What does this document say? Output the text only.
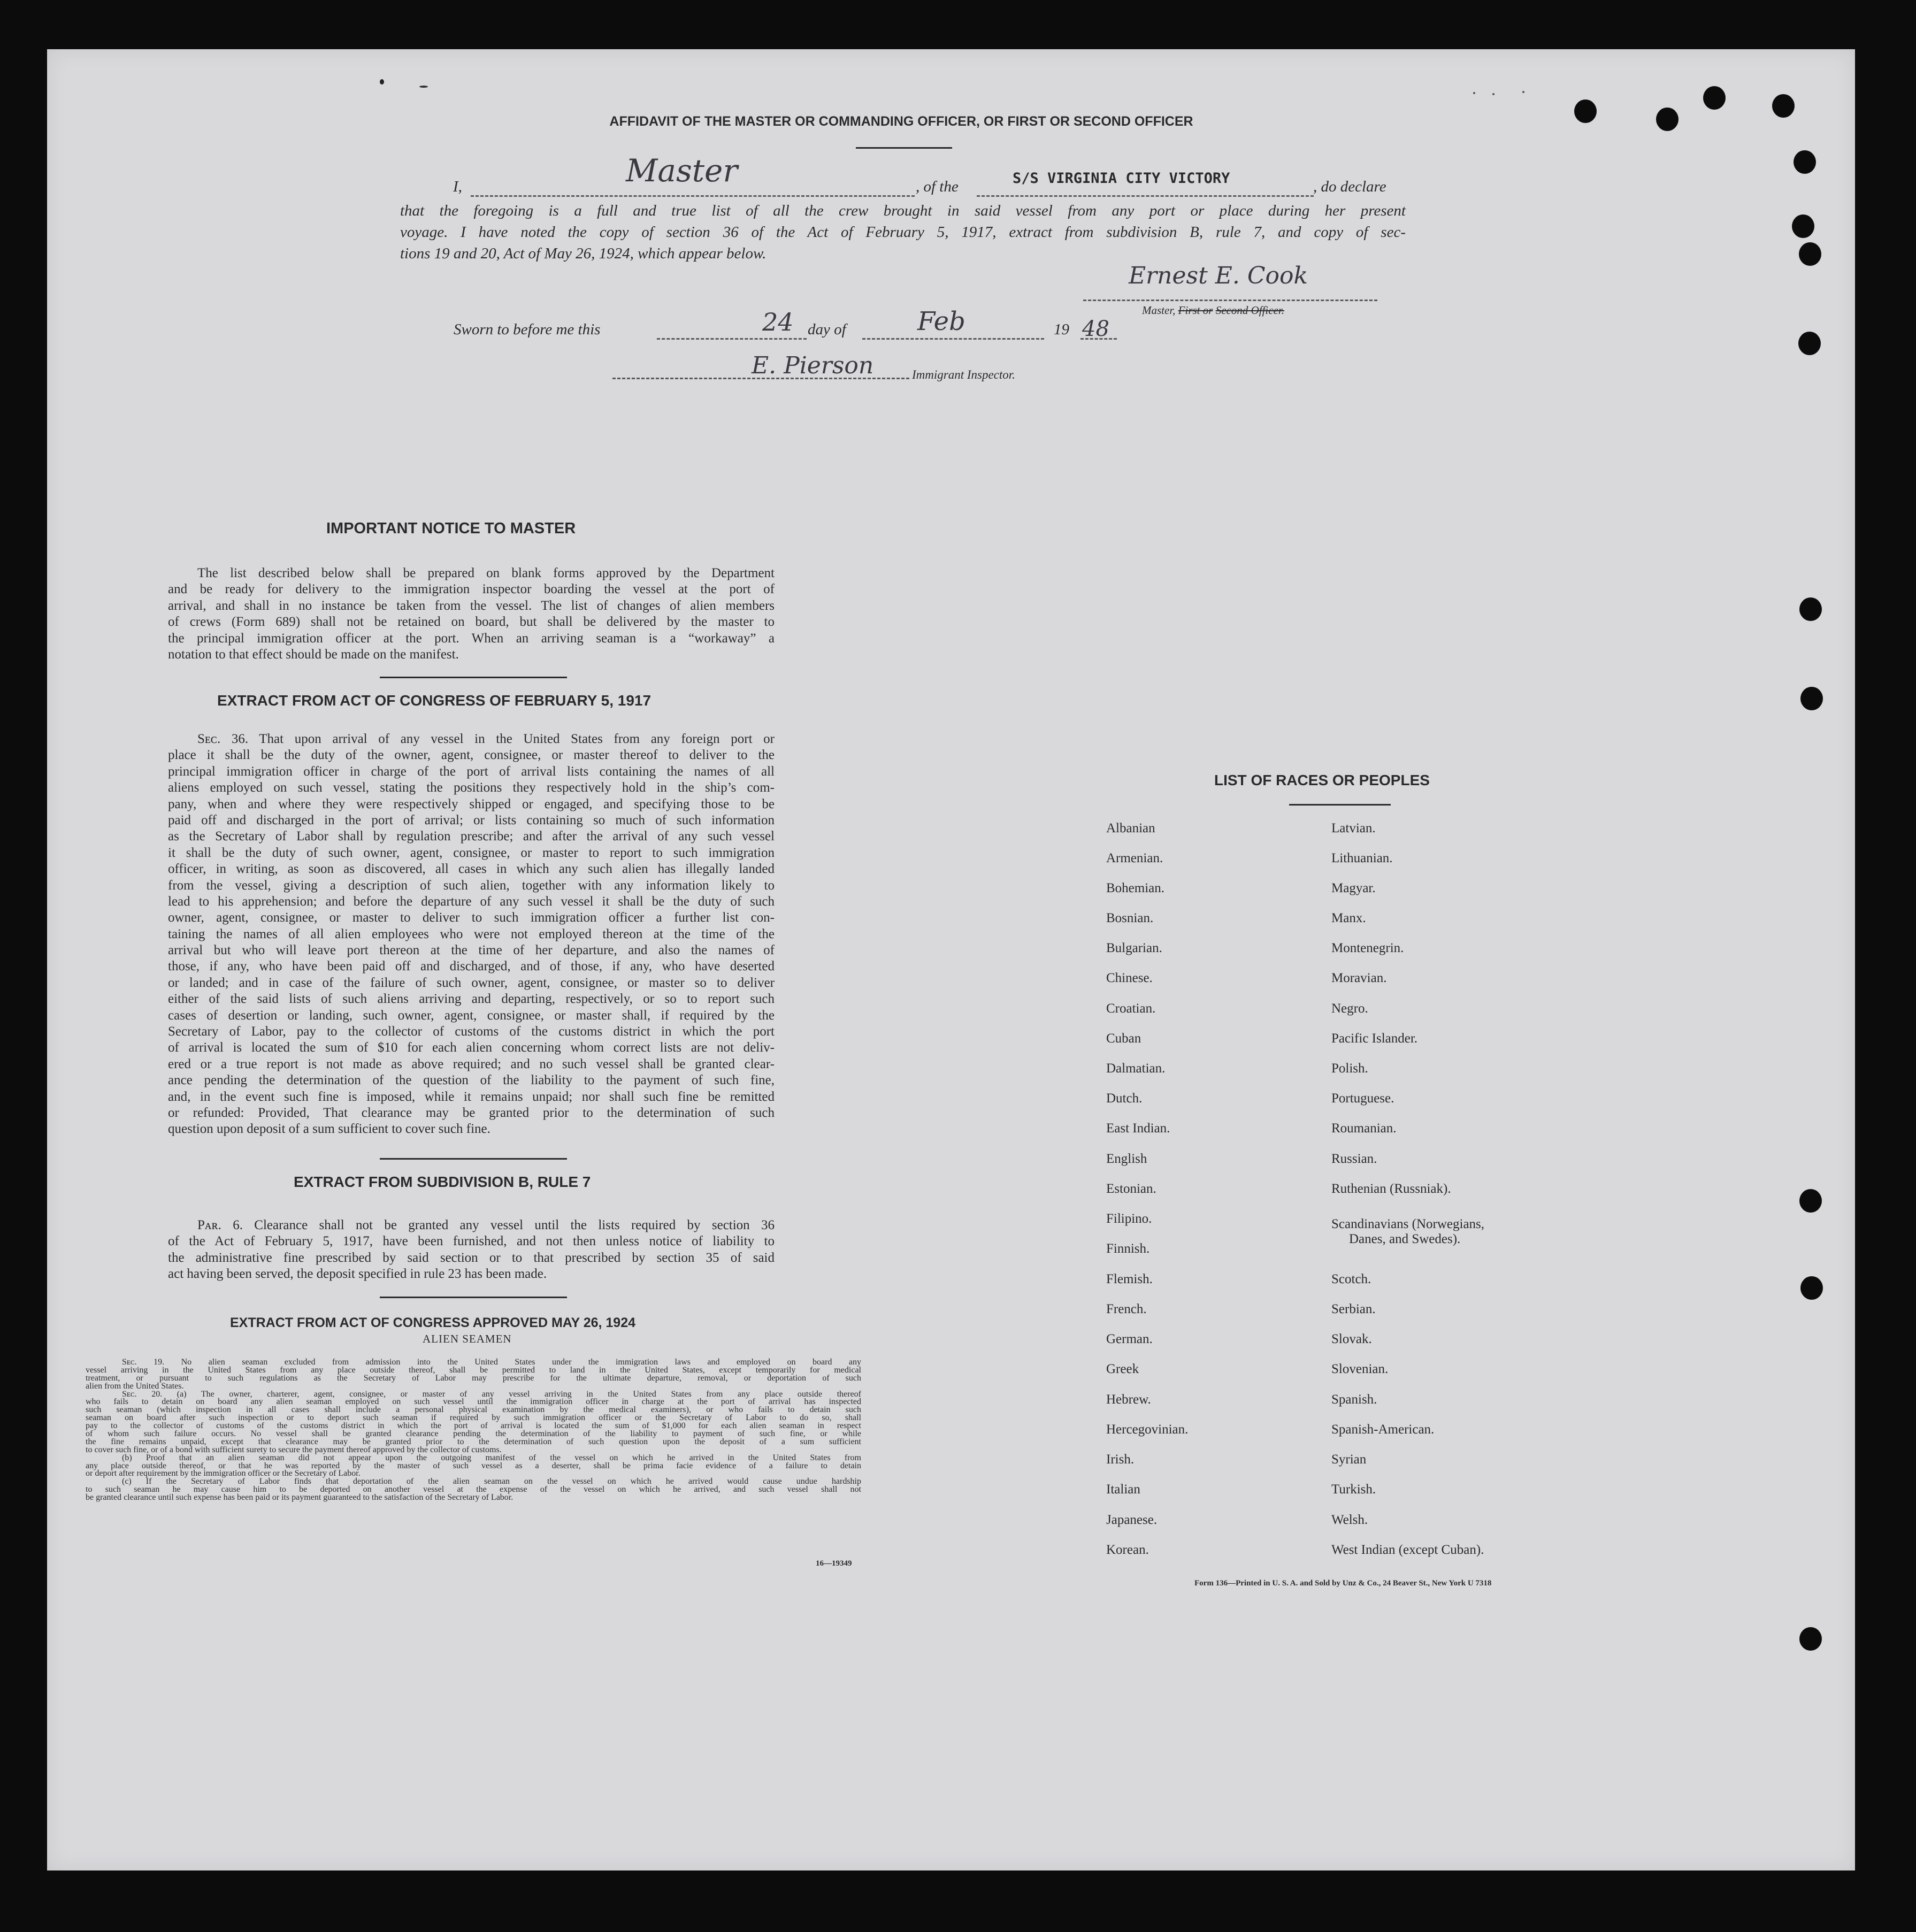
AFFIDAVIT OF THE MASTER OR COMMANDING OFFICER, OR FIRST OR SECOND OFFICER
I,	Master	, of the	S/S VIRGINIA CITY VICTORY	, do declare
that the foregoing is a full and true list of all the crew brought in said vessel from any port or place during her present
voyage. I have noted the copy of section 36 of the Act of February 5, 1917, extract from subdivision B, rule 7, and copy of sec-
tions 19 and 20, Act of May 26, 1924, which appear below.
Ernest E. Cook
Master, First or Second Officer.
Sworn to before me this	24 day of	Feb	19 48
E. Pierson	Immigrant Inspector.
IMPORTANT NOTICE TO MASTER
The list described below shall be prepared on blank forms approved by the Department
and be ready for delivery to the immigration inspector boarding the vessel at the port of
arrival, and shall in no instance be taken from the vessel. The list of changes of alien members
of crews (Form 689) shall not be retained on board, but shall be delivered by the master to
the principal immigration officer at the port. When an arriving seaman is a “workaway” a
notation to that effect should be made on the manifest.
EXTRACT FROM ACT OF CONGRESS OF FEBRUARY 5, 1917
Sᴇᴄ. 36. That upon arrival of any vessel in the United States from any foreign port or
place it shall be the duty of the owner, agent, consignee, or master thereof to deliver to the
principal immigration officer in charge of the port of arrival lists containing the names of all
aliens employed on such vessel, stating the positions they respectively hold in the ship’s com-
pany, when and where they were respectively shipped or engaged, and specifying those to be
paid off and discharged in the port of arrival; or lists containing so much of such information
as the Secretary of Labor shall by regulation prescribe; and after the arrival of any such vessel
it shall be the duty of such owner, agent, consignee, or master to report to such immigration
officer, in writing, as soon as discovered, all cases in which any such alien has illegally landed
from the vessel, giving a description of such alien, together with any information likely to
lead to his apprehension; and before the departure of any such vessel it shall be the duty of such
owner, agent, consignee, or master to deliver to such immigration officer a further list con-
taining the names of all alien employees who were not employed thereon at the time of the
arrival but who will leave port thereon at the time of her departure, and also the names of
those, if any, who have been paid off and discharged, and of those, if any, who have deserted
or landed; and in case of the failure of such owner, agent, consignee, or master so to deliver
either of the said lists of such aliens arriving and departing, respectively, or so to report such
cases of desertion or landing, such owner, agent, consignee, or master shall, if required by the
Secretary of Labor, pay to the collector of customs of the customs district in which the port
of arrival is located the sum of $10 for each alien concerning whom correct lists are not deliv-
ered or a true report is not made as above required; and no such vessel shall be granted clear-
ance pending the determination of the question of the liability to the payment of such fine,
and, in the event such fine is imposed, while it remains unpaid; nor shall such fine be remitted
or refunded: Provided, That clearance may be granted prior to the determination of such
question upon deposit of a sum sufficient to cover such fine.
EXTRACT FROM SUBDIVISION B, RULE 7
Pᴀʀ. 6. Clearance shall not be granted any vessel until the lists required by section 36
of the Act of February 5, 1917, have been furnished, and not then unless notice of liability to
the administrative fine prescribed by said section or to that prescribed by section 35 of said
act having been served, the deposit specified in rule 23 has been made.
EXTRACT FROM ACT OF CONGRESS APPROVED MAY 26, 1924
ALIEN SEAMEN
Sᴇᴄ. 19. No alien seaman excluded from admission into the United States under the immigration laws and employed on board any
vessel arriving in the United States from any place outside thereof, shall be permitted to land in the United States, except temporarily for medical
treatment, or pursuant to such regulations as the Secretary of Labor may prescribe for the ultimate departure, removal, or deportation of such
alien from the United States.
Sᴇᴄ. 20. (a) The owner, charterer, agent, consignee, or master of any vessel arriving in the United States from any place outside thereof
who fails to detain on board any alien seaman employed on such vessel until the immigration officer in charge at the port of arrival has inspected
such seaman (which inspection in all cases shall include a personal physical examination by the medical examiners), or who fails to detain such
seaman on board after such inspection or to deport such seaman if required by such immigration officer or the Secretary of Labor to do so, shall
pay to the collector of customs of the customs district in which the port of arrival is located the sum of $1,000 for each alien seaman in respect
of whom such failure occurs. No vessel shall be granted clearance pending the determination of the liability to payment of such fine, or while
the fine remains unpaid, except that clearance may be granted prior to the determination of such question upon the deposit of a sum sufficient
to cover such fine, or of a bond with sufficient surety to secure the payment thereof approved by the collector of customs.
(b) Proof that an alien seaman did not appear upon the outgoing manifest of the vessel on which he arrived in the United States from
any place outside thereof, or that he was reported by the master of such vessel as a deserter, shall be prima facie evidence of a failure to detain
or deport after requirement by the immigration officer or the Secretary of Labor.
(c) If the Secretary of Labor finds that deportation of the alien seaman on the vessel on which he arrived would cause undue hardship
to such seaman he may cause him to be deported on another vessel at the expense of the vessel on which he arrived, and such vessel shall not
be granted clearance until such expense has been paid or its payment guaranteed to the satisfaction of the Secretary of Labor.
16—19349
LIST OF RACES OR PEOPLES
Albanian
Armenian.
Bohemian.
Bosnian.
Bulgarian.
Chinese.
Croatian.
Cuban
Dalmatian.
Dutch.
East Indian.
English
Estonian.
Filipino.
Finnish.
Flemish.
French.
German.
Greek
Hebrew.
Hercegovinian.
Irish.
Italian
Japanese.
Korean.
Latvian.
Lithuanian.
Magyar.
Manx.
Montenegrin.
Moravian.
Negro.
Pacific Islander.
Polish.
Portuguese.
Roumanian.
Russian.
Ruthenian (Russniak).
Scandinavians (Norwegians,
Danes, and Swedes).
Scotch.
Serbian.
Slovak.
Slovenian.
Spanish.
Spanish-American.
Syrian
Turkish.
Welsh.
West Indian (except Cuban).
Form 136—Printed in U. S. A. and Sold by Unz & Co., 24 Beaver St., New York U 7318
